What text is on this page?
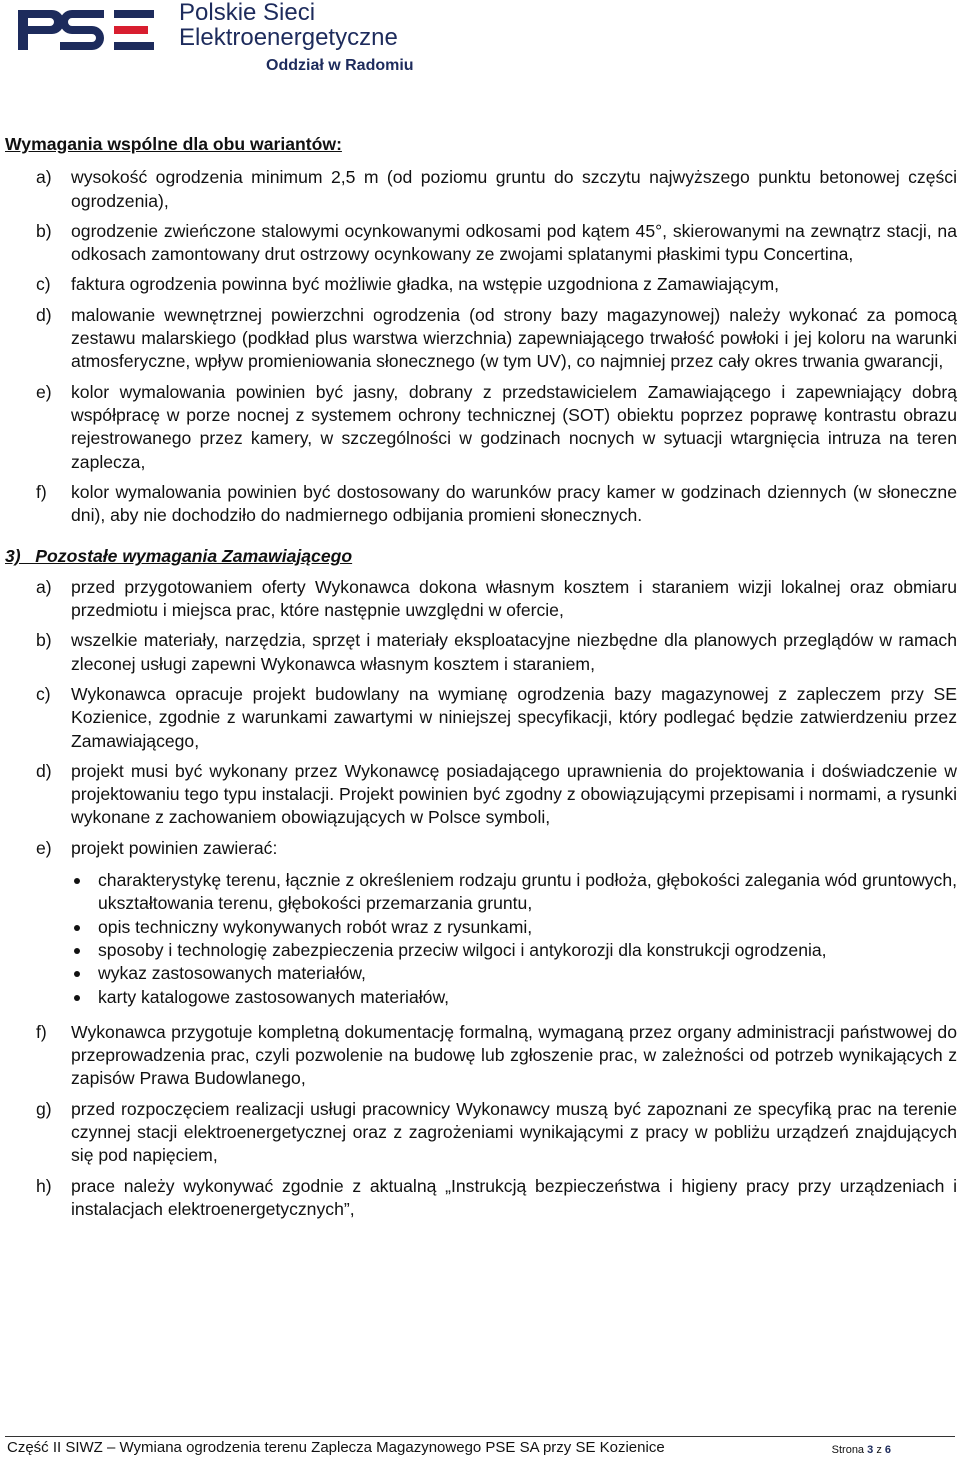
Polskie Sieci
Elektroenergetyczne
Oddział w Radomiu
Wymagania wspólne dla obu wariantów:
a) wysokość ogrodzenia minimum 2,5 m (od poziomu gruntu do szczytu najwyższego punktu betonowej części ogrodzenia),
b) ogrodzenie zwieńczone stalowymi ocynkowanymi odkosami pod kątem 45°, skierowanymi na zewnątrz stacji, na odkosach zamontowany drut ostrzowy ocynkowany ze zwojami splatanymi płaskimi typu Concertina,
c) faktura ogrodzenia powinna być możliwie gładka, na wstępie uzgodniona z Zamawiającym,
d) malowanie wewnętrznej powierzchni ogrodzenia (od strony bazy magazynowej) należy wykonać za pomocą zestawu malarskiego (podkład plus warstwa wierzchnia) zapewniającego trwałość powłoki i jej koloru na warunki atmosferyczne, wpływ promieniowania słonecznego (w tym UV), co najmniej przez cały okres trwania gwarancji,
e) kolor wymalowania powinien być jasny, dobrany z przedstawicielem Zamawiającego i zapewniający dobrą współpracę w porze nocnej z systemem ochrony technicznej (SOT) obiektu poprzez poprawę kontrastu obrazu rejestrowanego przez kamery, w szczególności w godzinach nocnych w sytuacji wtargnięcia intruza na teren zaplecza,
f) kolor wymalowania powinien być dostosowany do warunków pracy kamer w godzinach dziennych (w słoneczne dni), aby nie dochodziło do nadmiernego odbijania promieni słonecznych.
3)   Pozostałe wymagania Zamawiającego
a) przed przygotowaniem oferty Wykonawca dokona własnym kosztem i staraniem wizji lokalnej oraz obmiaru przedmiotu i miejsca prac, które następnie uwzględni w ofercie,
b) wszelkie materiały, narzędzia, sprzęt i materiały eksploatacyjne niezbędne dla planowych przeglądów w ramach zleconej usługi zapewni Wykonawca własnym kosztem i staraniem,
c) Wykonawca opracuje projekt budowlany na wymianę ogrodzenia bazy magazynowej z zapleczem przy SE Kozienice, zgodnie z warunkami zawartymi w niniejszej specyfikacji, który podlegać będzie zatwierdzeniu przez Zamawiającego,
d) projekt musi być wykonany przez Wykonawcę posiadającego uprawnienia do projektowania i doświadczenie w projektowaniu tego typu instalacji. Projekt powinien być zgodny z obowiązującymi przepisami i normami, a rysunki wykonane z zachowaniem obowiązujących w Polsce symboli,
e) projekt powinien zawierać:
charakterystykę terenu, łącznie z określeniem rodzaju gruntu i podłoża, głębokości zalegania wód gruntowych, ukształtowania terenu, głębokości przemarzania gruntu,
opis techniczny wykonywanych robót wraz z rysunkami,
sposoby i technologię zabezpieczenia przeciw wilgoci i antykorozji dla konstrukcji ogrodzenia,
wykaz zastosowanych materiałów,
karty katalogowe zastosowanych materiałów,
f) Wykonawca przygotuje kompletną dokumentację formalną, wymaganą przez organy administracji państwowej do przeprowadzenia prac, czyli pozwolenie na budowę lub zgłoszenie prac, w zależności od potrzeb wynikających z zapisów Prawa Budowlanego,
g) przed rozpoczęciem realizacji usługi pracownicy Wykonawcy muszą być zapoznani ze specyfiką prac na terenie czynnej stacji elektroenergetycznej oraz z zagrożeniami wynikającymi z pracy w pobliżu urządzeń znajdujących się pod napięciem,
h) prace należy wykonywać zgodnie z aktualną „Instrukcją bezpieczeństwa i higieny pracy przy urządzeniach i instalacjach elektroenergetycznych”,
Część II SIWZ – Wymiana ogrodzenia terenu Zaplecza Magazynowego PSE SA przy SE Kozienice	Strona 3 z 6
